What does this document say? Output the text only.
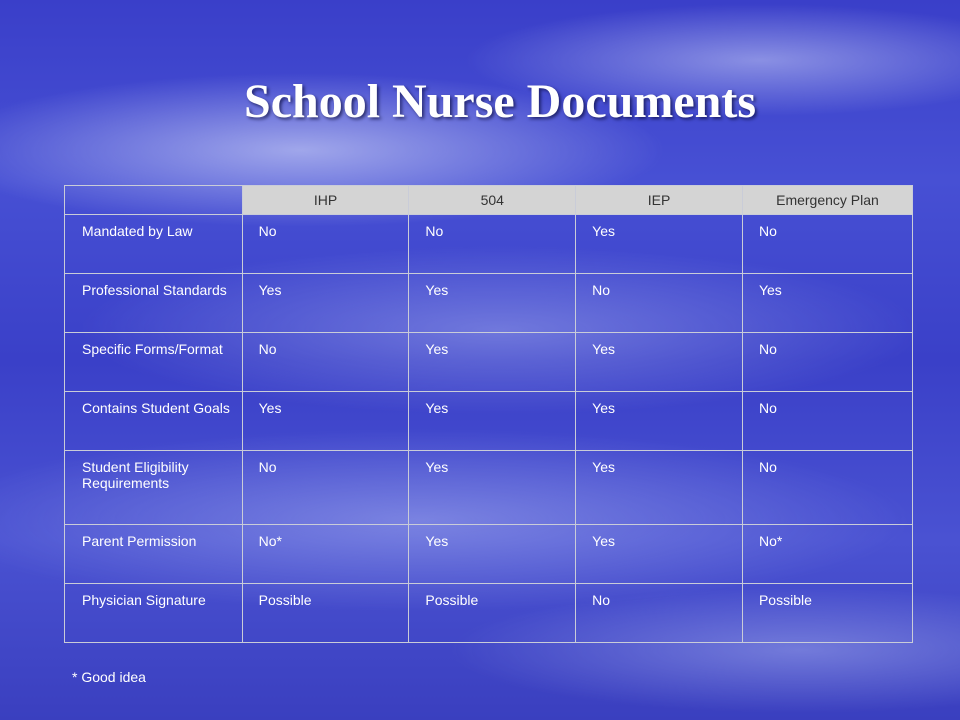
School Nurse Documents
	IHP	504	IEP	Emergency Plan
Mandated by Law	No	No	Yes	No
Professional Standards	Yes	Yes	No	Yes
Specific Forms/Format	No	Yes	Yes	No
Contains Student Goals	Yes	Yes	Yes	No
Student Eligibility Requirements	No	Yes	Yes	No
Parent Permission	No*	Yes	Yes	No*
Physician Signature	Possible	Possible	No	Possible
* Good idea
